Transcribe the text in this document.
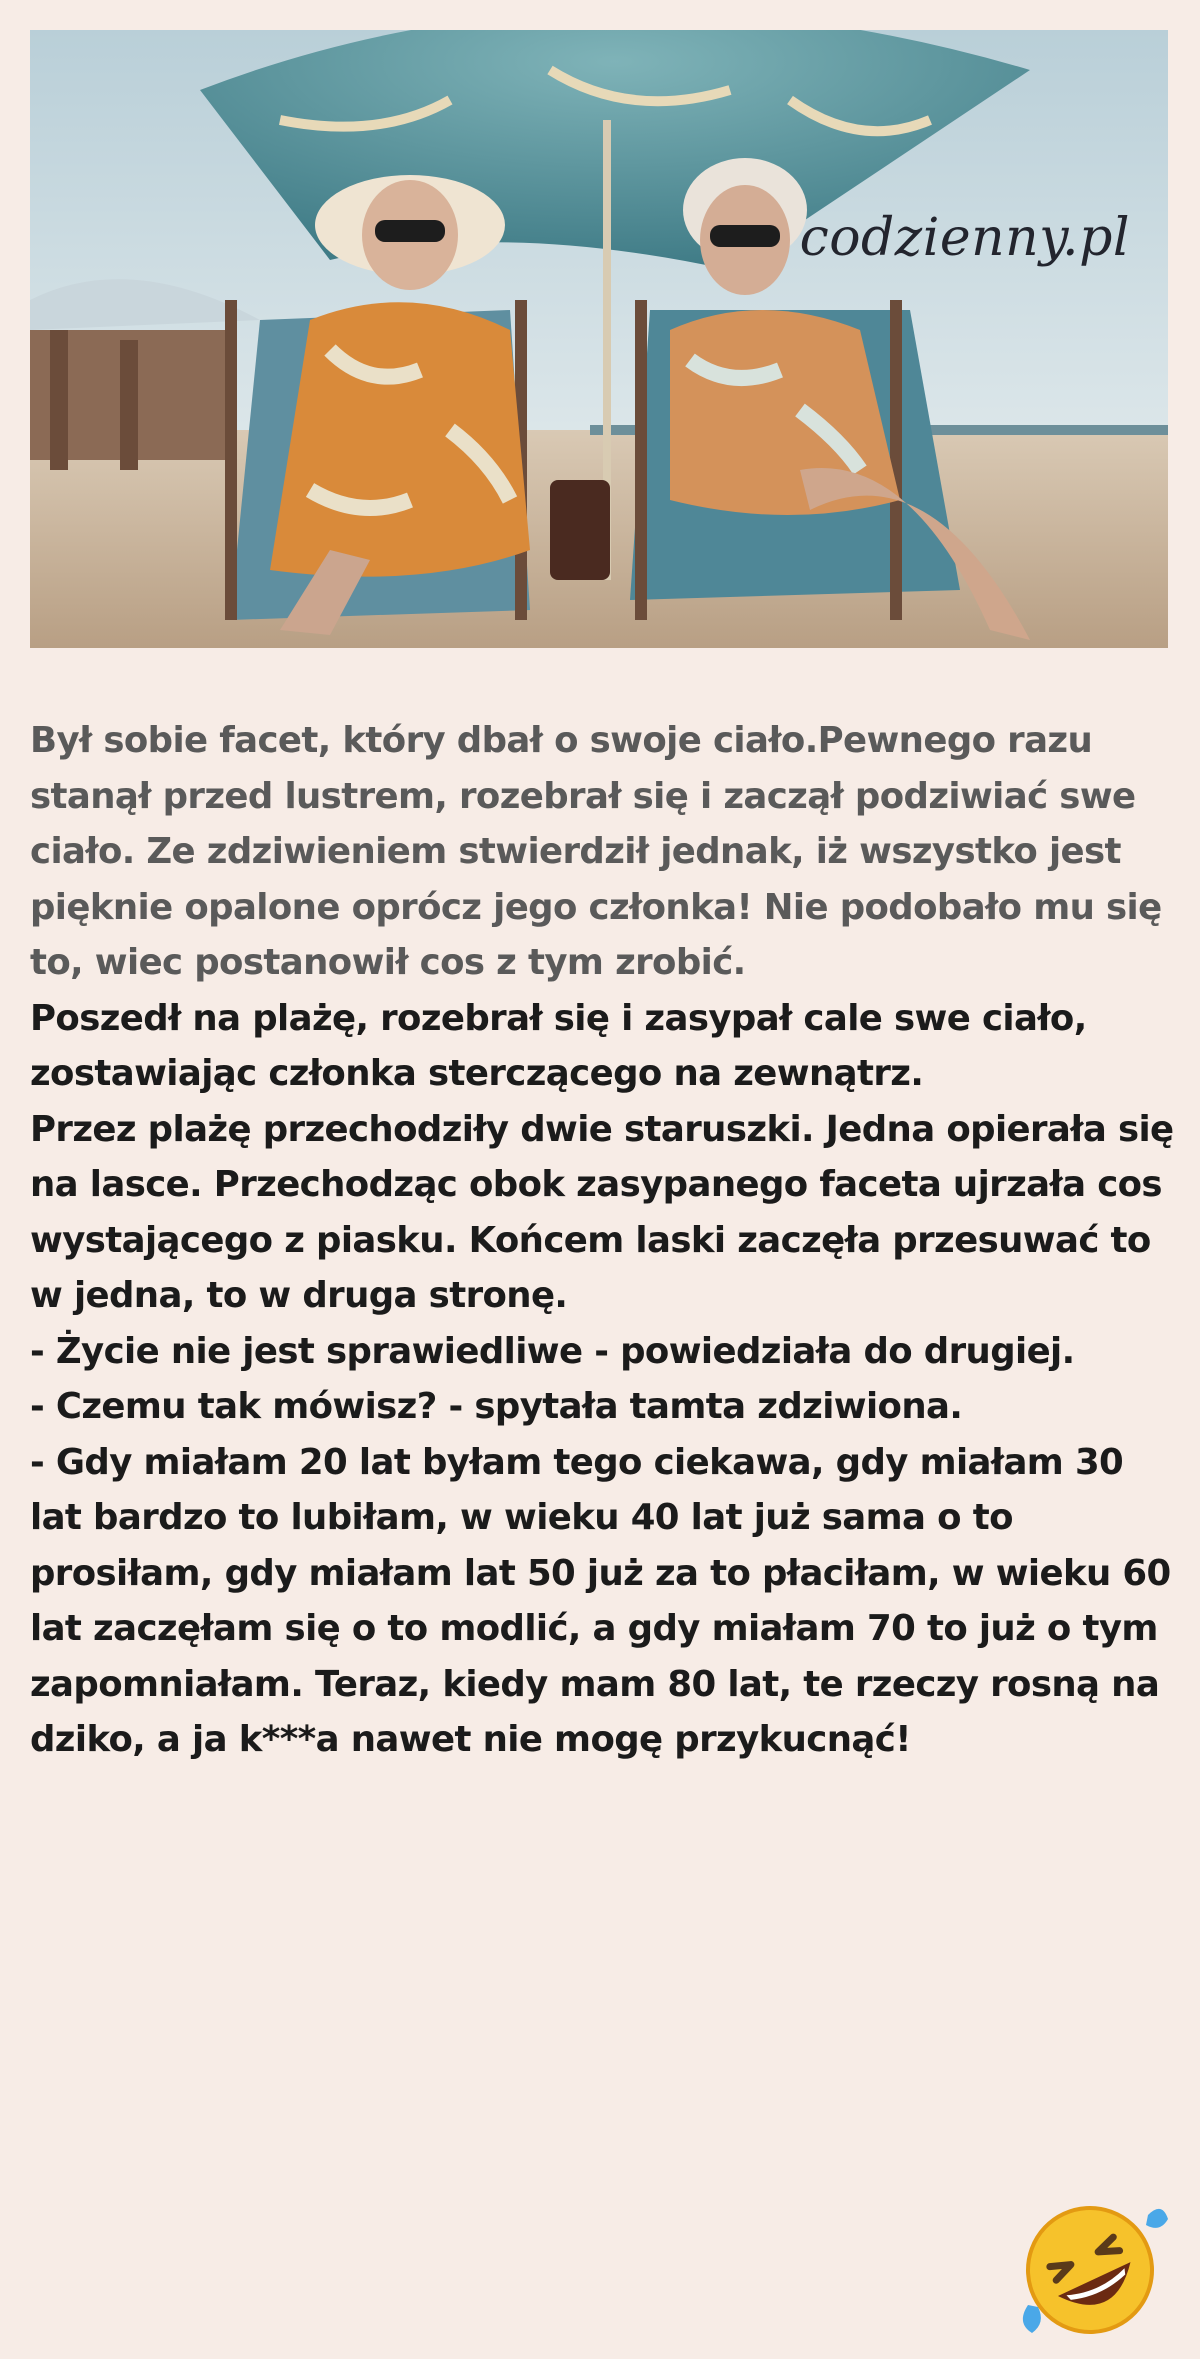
codzienny.pl

Był sobie facet, który dbał o swoje ciało.Pewnego razu stanął przed lustrem, rozebrał się i zaczął podziwiać swe ciało. Ze zdziwieniem stwierdził jednak, iż wszystko jest pięknie opalone oprócz jego członka! Nie podobało mu się to, wiec postanowił cos z tym zrobić.

Poszedł na plażę, rozebrał się i zasypał cale swe ciało, zostawiając członka sterczącego na zewnątrz.

Przez plażę przechodziły dwie staruszki. Jedna opierała się na lasce. Przechodząc obok zasypanego faceta ujrzała cos wystającego z piasku. Końcem laski zaczęła przesuwać to w jedna, to w druga stronę.

- Życie nie jest sprawiedliwe - powiedziała do drugiej.

- Czemu tak mówisz? - spytała tamta zdziwiona.

- Gdy miałam 20 lat byłam tego ciekawa, gdy miałam 30 lat bardzo to lubiłam, w wieku 40 lat już sama o to prosiłam, gdy miałam lat 50 już za to płaciłam, w wieku 60 lat zaczęłam się o to modlić, a gdy miałam 70 to już o tym zapomniałam. Teraz, kiedy mam 80 lat, te rzeczy rosną na dziko, a ja k***a nawet nie mogę przykucnąć!
